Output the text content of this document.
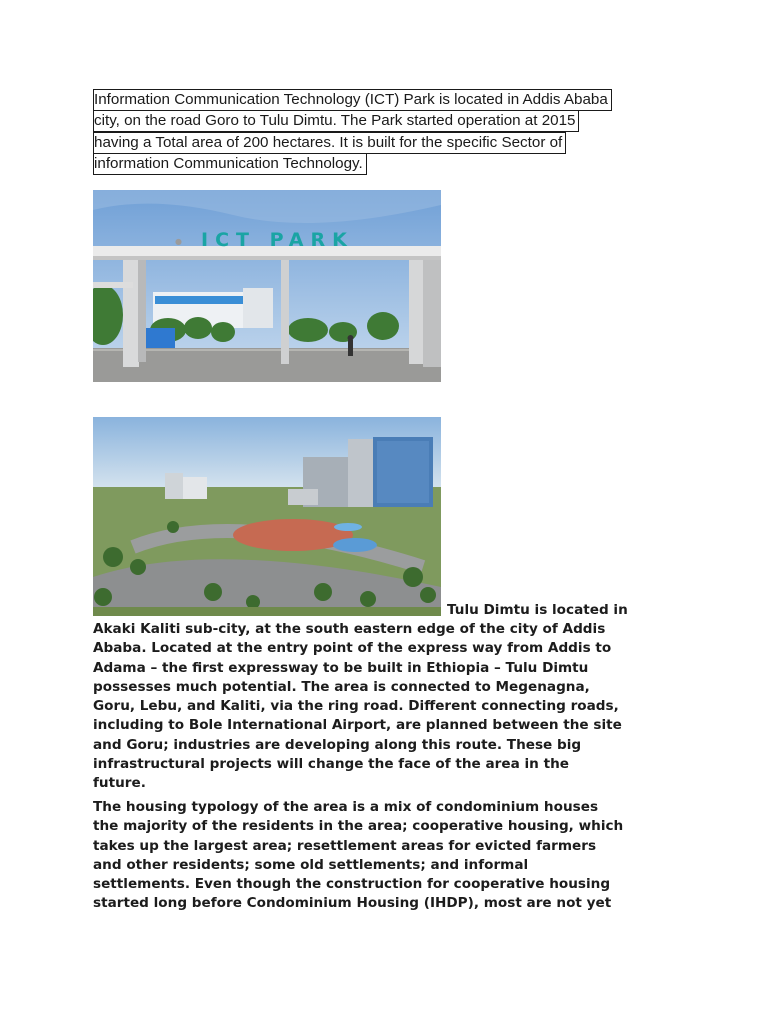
Information Communication Technology (ICT) Park is located in Addis Ababa
city, on the road Goro to Tulu Dimtu. The Park started operation at 2015
having a Total area of 200 hectares. It is built for the specific Sector of
information Communication Technology.
● ICT PARK
Tulu Dimtu is located in
Akaki Kaliti sub-city, at the south eastern edge of the city of Addis
Ababa. Located at the entry point of the express way from Addis to
Adama – the first expressway to be built in Ethiopia – Tulu Dimtu
possesses much potential. The area is connected to Megenagna,
Goru, Lebu, and Kaliti, via the ring road. Different connecting roads,
including to Bole International Airport, are planned between the site
and Goru; industries are developing along this route. These big
infrastructural projects will change the face of the area in the
future.
The housing typology of the area is a mix of condominium houses
the majority of the residents in the area; cooperative housing, which
takes up the largest area; resettlement areas for evicted farmers
and other residents; some old settlements; and informal
settlements. Even though the construction for cooperative housing
started long before Condominium Housing (IHDP), most are not yet
